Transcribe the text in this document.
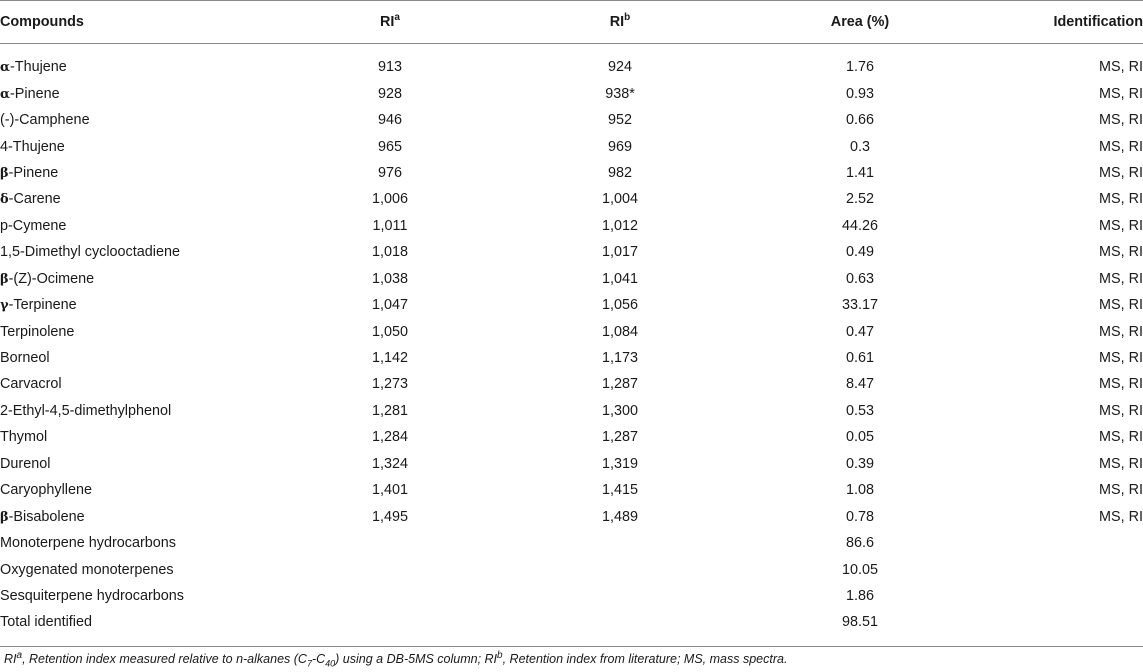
Compounds	$RI^a$	$RI^b$	Area (%)	Identification
α-Thujene	913	924	1.76	MS, RI
α-Pinene	928	938*	0.93	MS, RI
(-)-Camphene	946	952	0.66	MS, RI
4-Thujene	965	969	0.3	MS, RI
β-Pinene	976	982	1.41	MS, RI
δ-Carene	1,006	1,004	2.52	MS, RI
p-Cymene	1,011	1,012	44.26	MS, RI
1,5-Dimethyl cyclooctadiene	1,018	1,017	0.49	MS, RI
β-(Z)-Ocimene	1,038	1,041	0.63	MS, RI
γ-Terpinene	1,047	1,056	33.17	MS, RI
Terpinolene	1,050	1,084	0.47	MS, RI
Borneol	1,142	1,173	0.61	MS, RI
Carvacrol	1,273	1,287	8.47	MS, RI
2-Ethyl-4,5-dimethylphenol	1,281	1,300	0.53	MS, RI
Thymol	1,284	1,287	0.05	MS, RI
Durenol	1,324	1,319	0.39	MS, RI
Caryophyllene	1,401	1,415	1.08	MS, RI
β-Bisabolene	1,495	1,489	0.78	MS, RI
Monoterpene hydrocarbons			86.6	
Oxygenated monoterpenes			10.05	
Sesquiterpene hydrocarbons			1.86	
Total identified			98.51	
$RI^a$, Retention index measured relative to n-alkanes $(C_7-C_{40})$ using a DB-5MS column; $RI^b$, Retention index from literature; MS, mass spectra.
